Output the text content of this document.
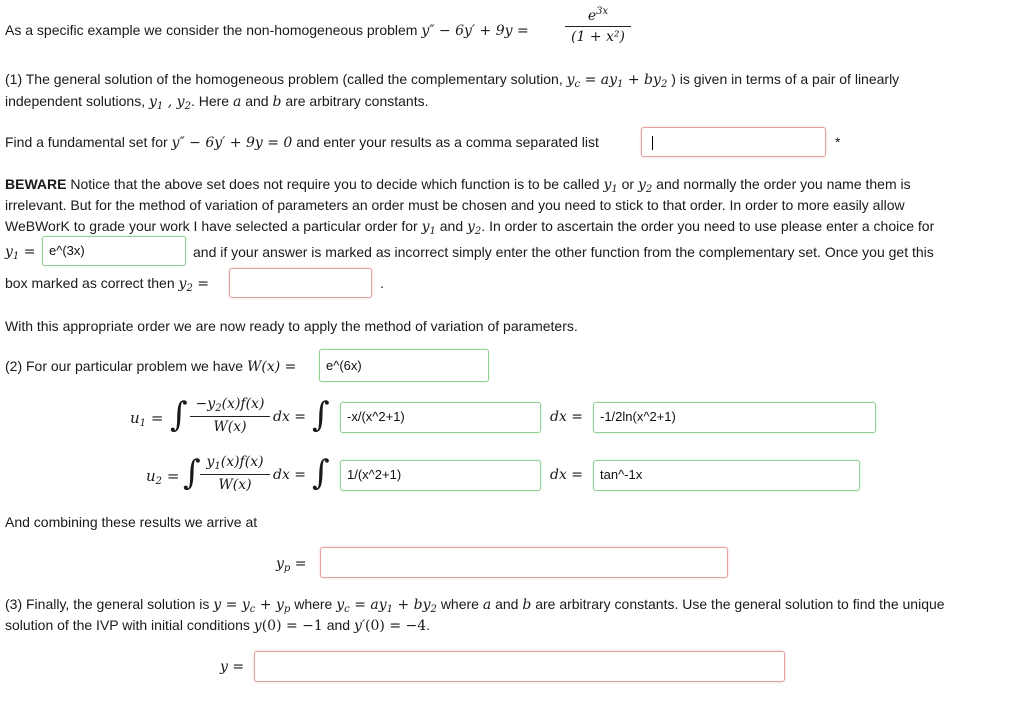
As a specific example we consider the non-homogeneous problem y″ − 6y′ + 9y =
$e^{3x}$
(1 + x²)
(1) The general solution of the homogeneous problem (called the complementary solution, $y_c = ay_1 + by_2$ ) is given in terms of a pair of linearly
independent solutions, $y_1$ , $y_2$. Here a and b are arbitrary constants.
Find a fundamental set for y″ − 6y′ + 9y = 0 and enter your results as a comma separated list	*
BEWARE Notice that the above set does not require you to decide which function is to be called $y_1$ or $y_2$ and normally the order you name them is
irrelevant. But for the method of variation of parameters an order must be chosen and you need to stick to that order. In order to more easily allow
WeBWorK to grade your work I have selected a particular order for $y_1$ and $y_2$. In order to ascertain the order you need to use please enter a choice for
$y_1$ =	e^(3x)	and if your answer is marked as incorrect simply enter the other function from the complementary set. Once you get this
box marked as correct then $y_2$ =	.
With this appropriate order we are now ready to apply the method of variation of parameters.
(2) For our particular problem we have W(x) =	e^(6x)
$u_1$ = ∫ $-y_2(x)f(x)$
W(x)
dx = ∫	-x/(x^2+1)	dx =	-1/2ln(x^2+1)
$u_2$ = ∫ $y_1(x)f(x)$
W(x)
dx = ∫	1/(x^2+1)	dx =	tan^-1x
And combining these results we arrive at
$y_p$ =
(3) Finally, the general solution is $y = y_c + y_p$ where $y_c = ay_1 + by_2$ where a and b are arbitrary constants. Use the general solution to find the unique
solution of the IVP with initial conditions y(0) = −1 and y′(0) = −4.
y =
